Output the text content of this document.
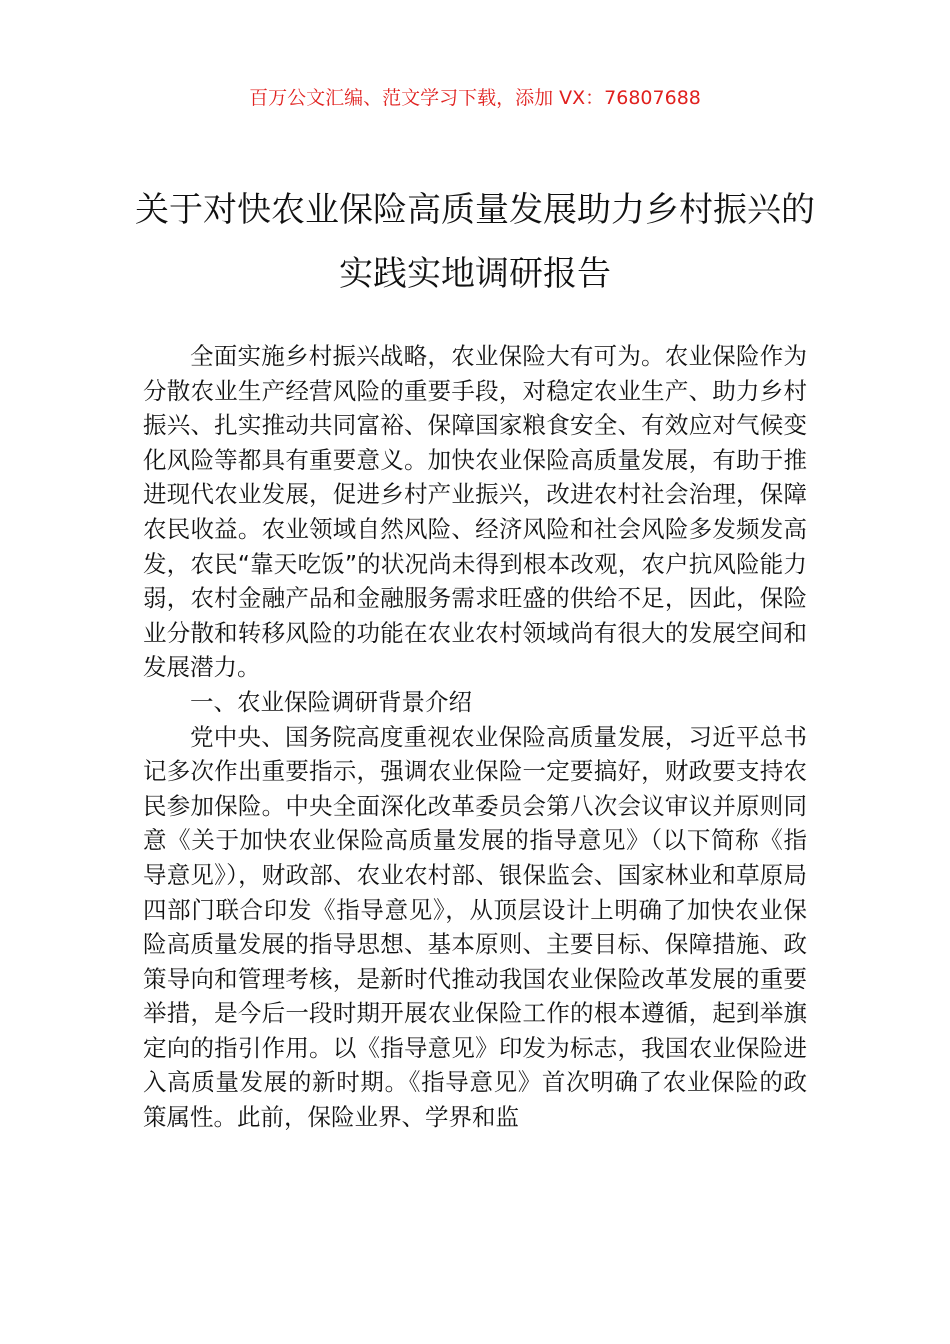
百万公文汇编、范文学习下载，添加 VX：76807688
关于对快农业保险高质量发展助力乡村振兴的实践实地调研报告

全面实施乡村振兴战略，农业保险大有可为。农业保险作为分散农业生产经营风险的重要手段，对稳定农业生产、助力乡村振兴、扎实推动共同富裕、保障国家粮食安全、有效应对气候变化风险等都具有重要意义。加快农业保险高质量发展，有助于推进现代农业发展，促进乡村产业振兴，改进农村社会治理，保障农民收益。农业领域自然风险、经济风险和社会风险多发频发高发，农民“靠天吃饭”的状况尚未得到根本改观，农户抗风险能力弱，农村金融产品和金融服务需求旺盛的供给不足，因此，保险业分散和转移风险的功能在农业农村领域尚有很大的发展空间和发展潜力。

一、农业保险调研背景介绍

党中央、国务院高度重视农业保险高质量发展，习近平总书记多次作出重要指示，强调农业保险一定要搞好，财政要支持农民参加保险。中央全面深化改革委员会第八次会议审议并原则同意《关于加快农业保险高质量发展的指导意见》（以下简称《指导意见》），财政部、农业农村部、银保监会、国家林业和草原局四部门联合印发《指导意见》，从顶层设计上明确了加快农业保险高质量发展的指导思想、基本原则、主要目标、保障措施、政策导向和管理考核，是新时代推动我国农业保险改革发展的重要举措，是今后一段时期开展农业保险工作的根本遵循，起到举旗定向的指引作用。以《指导意见》印发为标志，我国农业保险进入高质量发展的新时期。《指导意见》首次明确了农业保险的政策属性。此前，保险业界、学界和监
